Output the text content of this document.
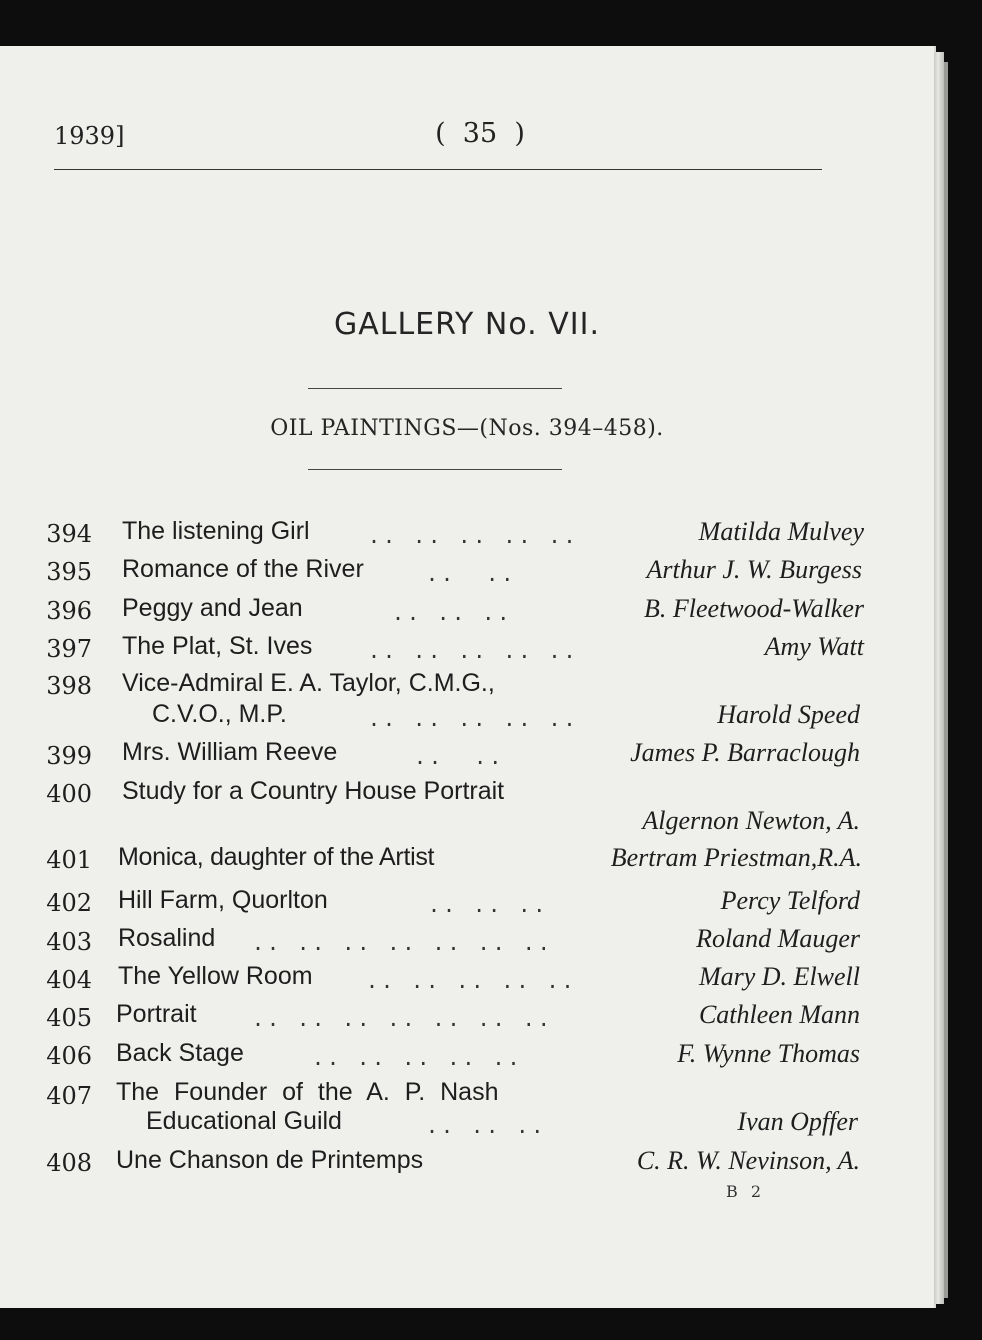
1939]	(  35  )
GALLERY No. VII.
OIL PAINTINGS—(Nos. 394–458).
394 The listening Girl	.. .. .. .. ..	Matilda Mulvey
395 Romance of the River	..  ..	Arthur J. W. Burgess
396 Peggy and Jean	.. .. ..	B. Fleetwood-Walker
397 The Plat, St. Ives	.. .. .. .. ..	Amy Watt
398 Vice-Admiral E. A. Taylor, C.M.G.,
C.V.O., M.P.	.. .. .. .. ..	Harold Speed
399 Mrs. William Reeve	..  ..	James P. Barraclough
400 Study for a Country House Portrait
Algernon Newton, A.
401 Monica, daughter of the Artist	Bertram Priestman,R.A.
402 Hill Farm, Quorlton	.. .. ..	Percy Telford
403 Rosalind .. .. .. .. .. .. ..	Roland Mauger
404 The Yellow Room	.. .. .. .. ..	Mary D. Elwell
405 Portrait	.. .. .. .. .. .. ..	Cathleen Mann
406 Back Stage	.. .. .. .. ..	F. Wynne Thomas
407 The Founder of the A. P. Nash
Educational Guild	.. .. ..	Ivan Opffer
408 Une Chanson de Printemps	C. R. W. Nevinson, A.
B 2
